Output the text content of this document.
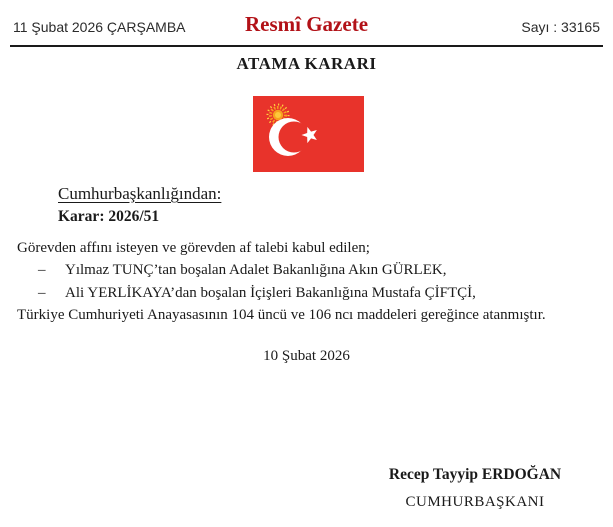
11 Şubat 2026 ÇARŞAMBA	Resmî Gazete	Sayı : 33165
ATAMA KARARI
Cumhurbaşkanlığından:
Karar: 2026/51
Görevden affını isteyen ve görevden af talebi kabul edilen;
– Yılmaz TUNÇ’tan boşalan Adalet Bakanlığına Akın GÜRLEK,
– Ali YERLİKAYA’dan boşalan İçişleri Bakanlığına Mustafa ÇİFTÇİ,
Türkiye Cumhuriyeti Anayasasının 104 üncü ve 106 ncı maddeleri gereğince atanmıştır.
10 Şubat 2026
Recep Tayyip ERDOĞAN
CUMHURBAŞKANI
